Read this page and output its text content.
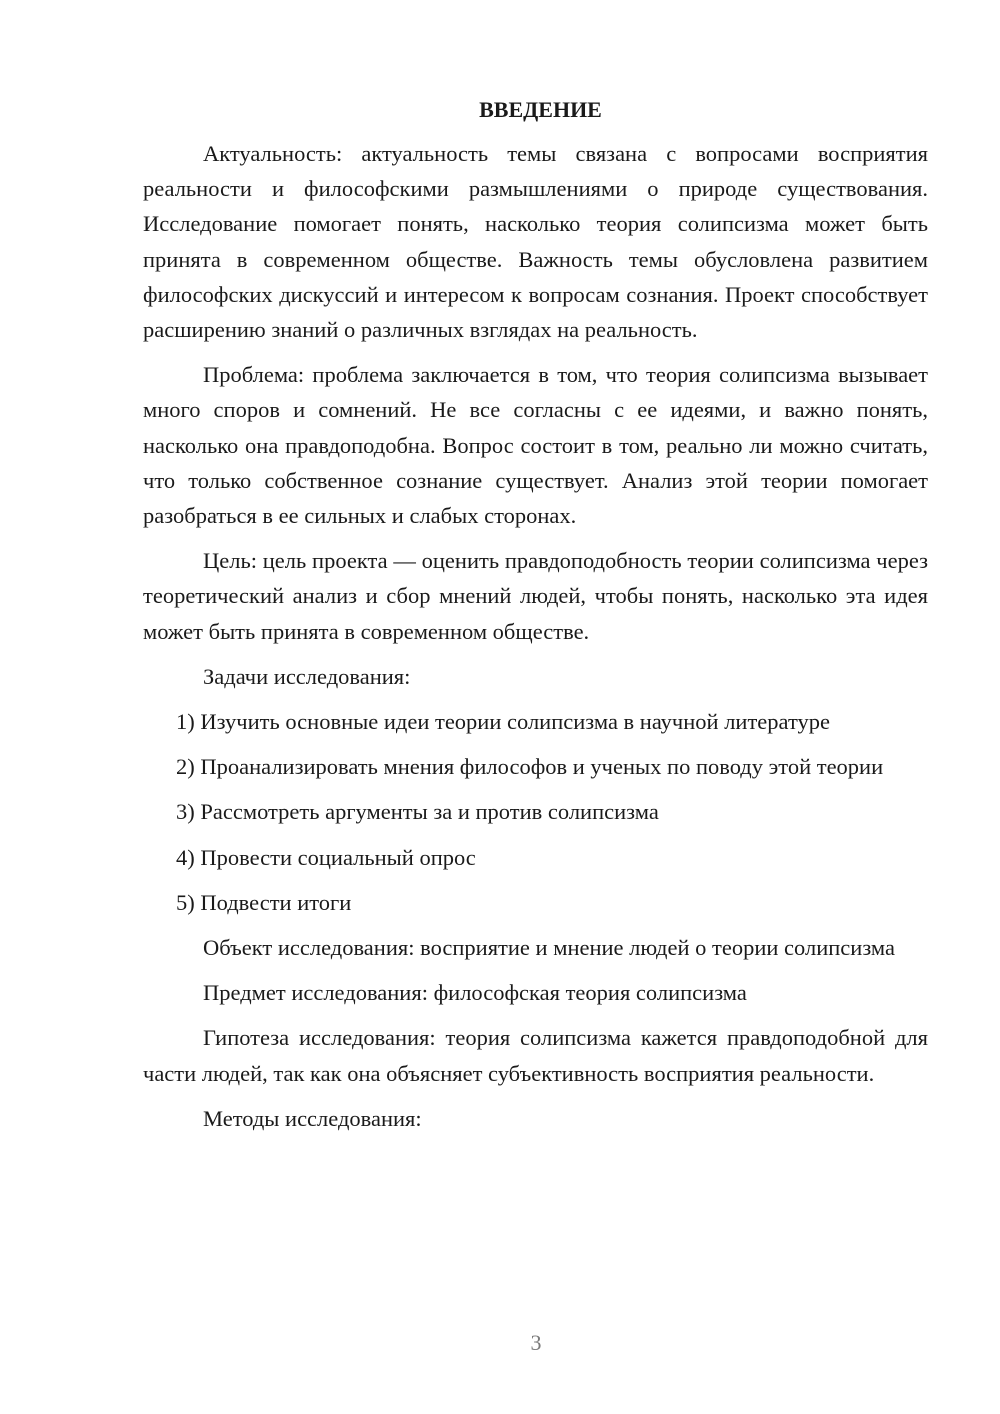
ВВЕДЕНИЕ

Актуальность: актуальность темы связана с вопросами восприятия реальности и философскими размышлениями о природе существования. Исследование помогает понять, насколько теория солипсизма может быть принята в современном обществе. Важность темы обусловлена развитием философских дискуссий и интересом к вопросам сознания. Проект способствует расширению знаний о различных взглядах на реальность.

Проблема: проблема заключается в том, что теория солипсизма вызывает много споров и сомнений. Не все согласны с ее идеями, и важно понять, насколько она правдоподобна. Вопрос состоит в том, реально ли можно считать, что только собственное сознание существует. Анализ этой теории помогает разобраться в ее сильных и слабых сторонах.

Цель: цель проекта — оценить правдоподобность теории солипсизма через теоретический анализ и сбор мнений людей, чтобы понять, насколько эта идея может быть принята в современном обществе.

Задачи исследования:

1) Изучить основные идеи теории солипсизма в научной литературе

2) Проанализировать мнения философов и ученых по поводу этой теории

3) Рассмотреть аргументы за и против солипсизма

4) Провести социальный опрос

5) Подвести итоги

Объект исследования: восприятие и мнение людей о теории солипсизма

Предмет исследования: философская теория солипсизма

Гипотеза исследования: теория солипсизма кажется правдоподобной для части людей, так как она объясняет субъективность восприятия реальности.

Методы исследования:

3
